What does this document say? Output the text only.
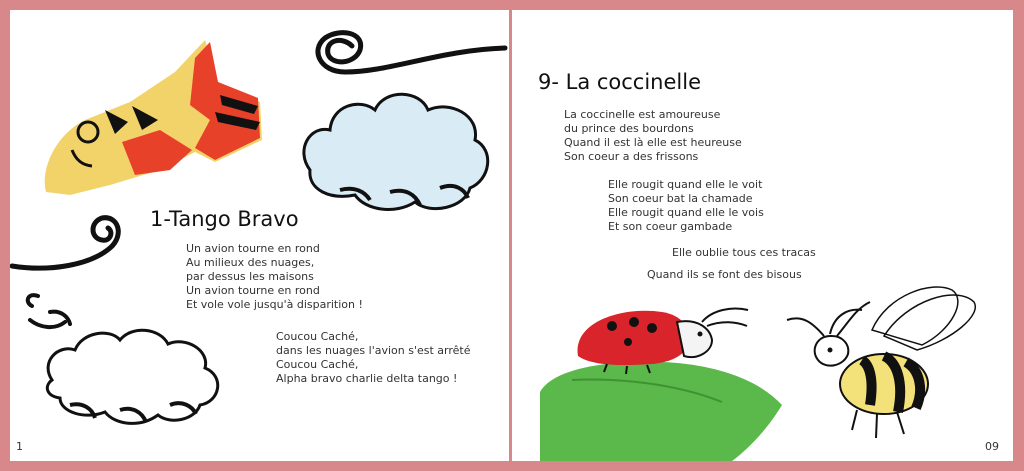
1-Tango Bravo
Un avion tourne en rond
Au milieux des nuages,
par dessus les maisons
Un avion tourne en rond
Et vole vole jusqu'à disparition !
Coucou Caché,
dans les nuages l'avion s'est arrêté
Coucou Caché,
Alpha bravo charlie delta tango !
1
9- La coccinelle
La coccinelle est amoureuse
du prince des bourdons
Quand il est là elle est heureuse
Son coeur a des frissons
Elle rougit quand elle le voit
Son coeur bat la chamade
Elle rougit quand elle le vois
Et son coeur gambade
Elle oublie tous ces tracas
Quand ils se font des bisous
09
